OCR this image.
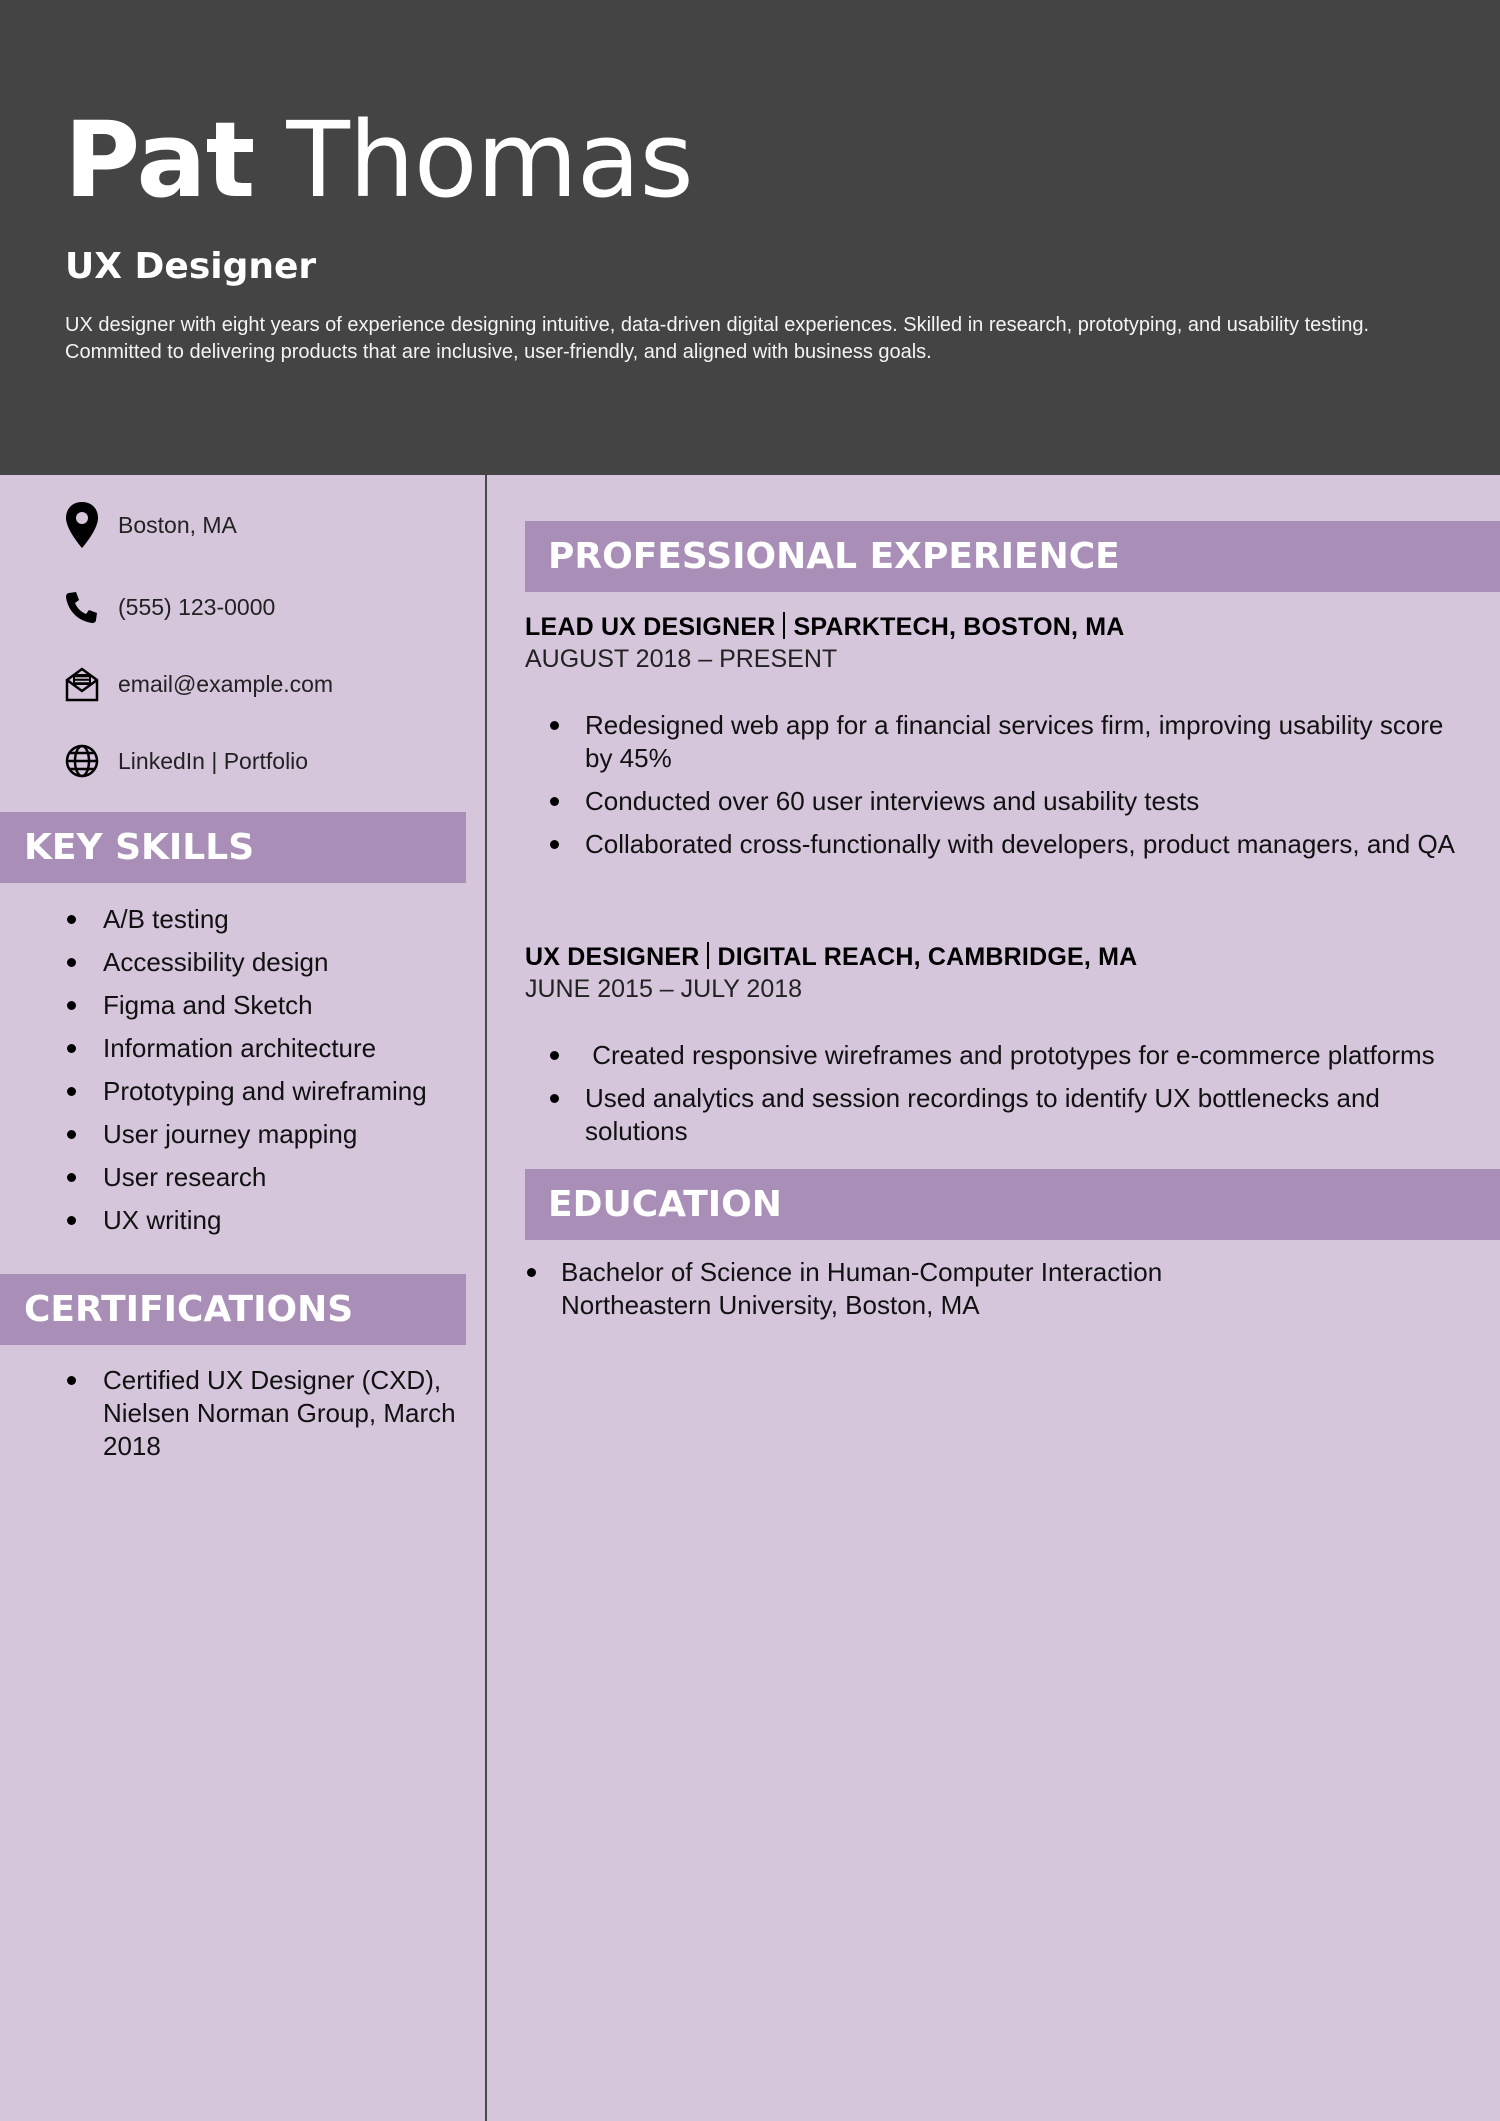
Pat Thomas
UX Designer
UX designer with eight years of experience designing intuitive, data-driven digital experiences. Skilled in research, prototyping, and usability testing. Committed to delivering products that are inclusive, user-friendly, and aligned with business goals.
Boston, MA
(555) 123-0000
email@example.com
LinkedIn | Portfolio
KEY SKILLS
A/B testing
Accessibility design
Figma and Sketch
Information architecture
Prototyping and wireframing
User journey mapping
User research
UX writing
CERTIFICATIONS
Certified UX Designer (CXD), Nielsen Norman Group, March 2018
PROFESSIONAL EXPERIENCE
LEAD UX DESIGNER SPARKTECH, BOSTON, MA
AUGUST 2018 – PRESENT
Redesigned web app for a financial services firm, improving usability score by 45%
Conducted over 60 user interviews and usability tests
Collaborated cross-functionally with developers, product managers, and QA
UX DESIGNER DIGITAL REACH, CAMBRIDGE, MA
JUNE 2015 – JULY 2018
Created responsive wireframes and prototypes for e-commerce platforms
Used analytics and session recordings to identify UX bottlenecks and solutions
EDUCATION
Bachelor of Science in Human-Computer Interaction
Northeastern University, Boston, MA
